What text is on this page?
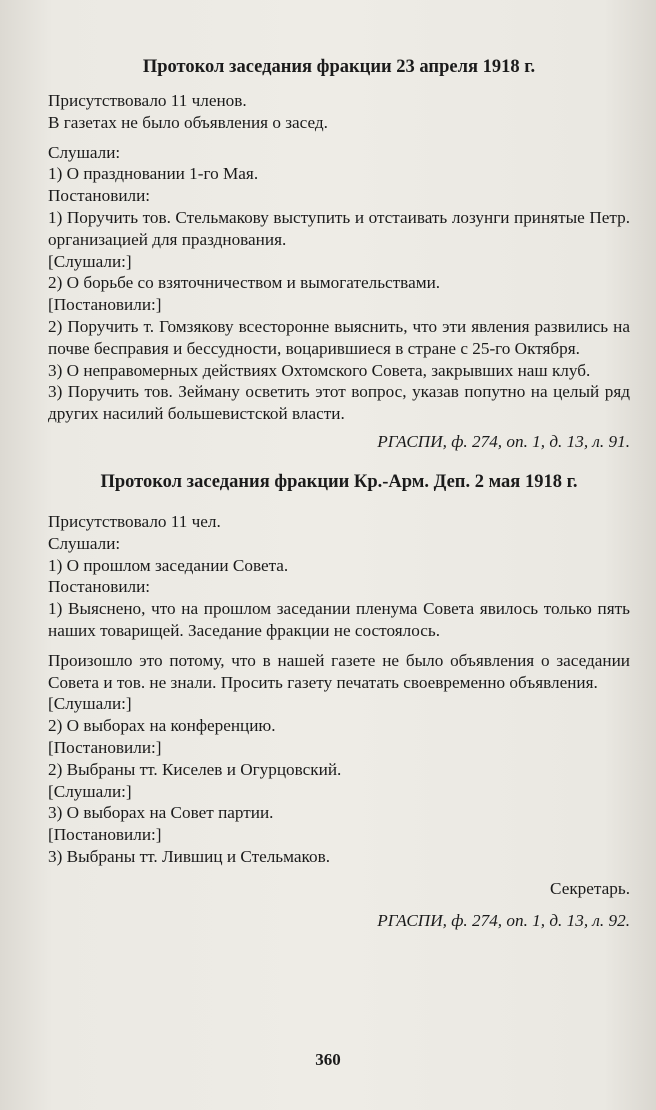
Протокол заседания фракции 23 апреля 1918 г.

Присутствовало 11 членов.

В газетах не было объявления о засед.

Слушали:

1) О праздновании 1-го Мая.

Постановили:

1) Поручить тов. Стельмакову выступить и отстаивать лозунги принятые Петр. организацией для празднования.

[Слушали:]

2) О борьбе со взяточничеством и вымогательствами.

[Постановили:]

2) Поручить т. Гомзякову всесторонне выяснить, что эти явления развились на почве бесправия и бессудности, воцарившиеся в стране с 25-го Октября.

3) О неправомерных действиях Охтомского Совета, закрывших наш клуб.

3) Поручить тов. Зейману осветить этот вопрос, указав попутно на целый ряд других насилий большевистской власти.

РГАСПИ, ф. 274, оп. 1, д. 13, л. 91.

Протокол заседания фракции Кр.-Арм. Деп. 2 мая 1918 г.

Присутствовало 11 чел.

Слушали:

1) О прошлом заседании Совета.

Постановили:

1) Выяснено, что на прошлом заседании пленума Совета явилось только пять наших товарищей. Заседание фракции не состоялось.

Произошло это потому, что в нашей газете не было объявления о заседании Совета и тов. не знали. Просить газету печатать своевременно объявления.

[Слушали:]

2) О выборах на конференцию.

[Постановили:]

2) Выбраны тт. Киселев и Огурцовский.

[Слушали:]

3) О выборах на Совет партии.

[Постановили:]

3) Выбраны тт. Лившиц и Стельмаков.

Секретарь.

РГАСПИ, ф. 274, оп. 1, д. 13, л. 92.

360
